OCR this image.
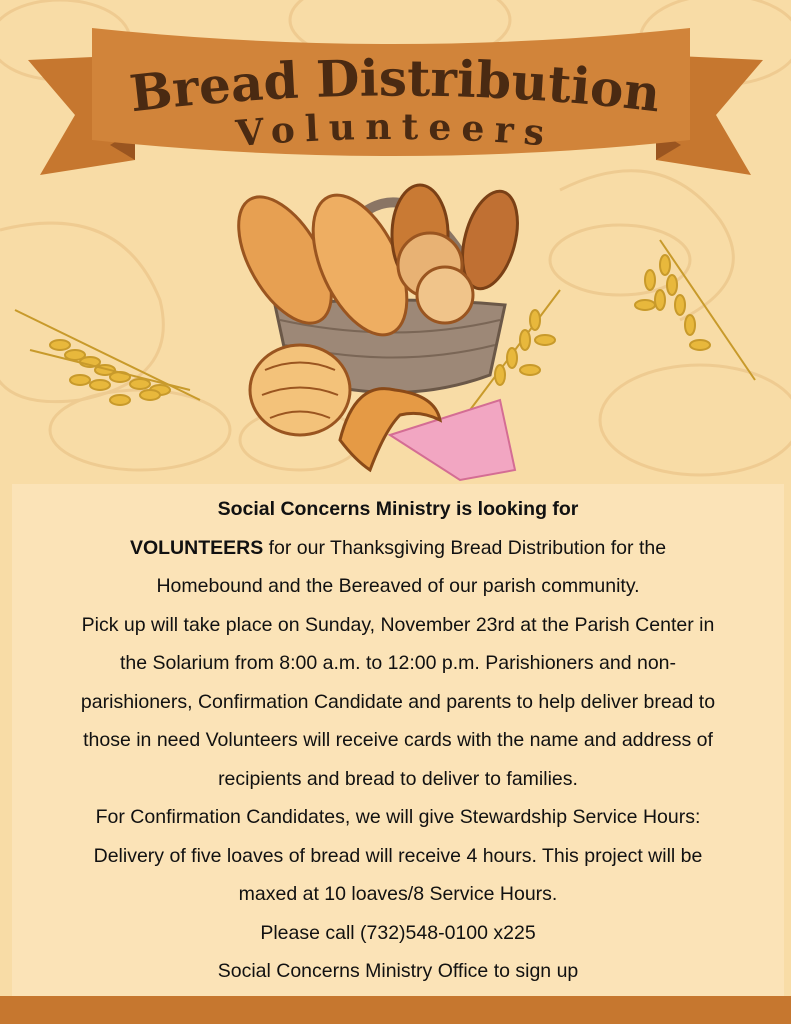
Bread Distribution
Volunteers

Social Concerns Ministry is looking for

VOLUNTEERS for our Thanksgiving Bread Distribution for the

Homebound and the Bereaved of our parish community.

Pick up will take place on Sunday, November 23rd at the Parish Center in

the Solarium from 8:00 a.m. to 12:00 p.m. Parishioners and non-

parishioners, Confirmation Candidate and parents to help deliver bread to

those in need Volunteers will receive cards with the name and address of

recipients and bread to deliver to families.

For Confirmation Candidates, we will give Stewardship Service Hours:

Delivery of five loaves of bread will receive 4 hours. This project will be

maxed at 10 loaves/8 Service Hours.

Please call (732)548-0100 x225

Social Concerns Ministry Office to sign up
